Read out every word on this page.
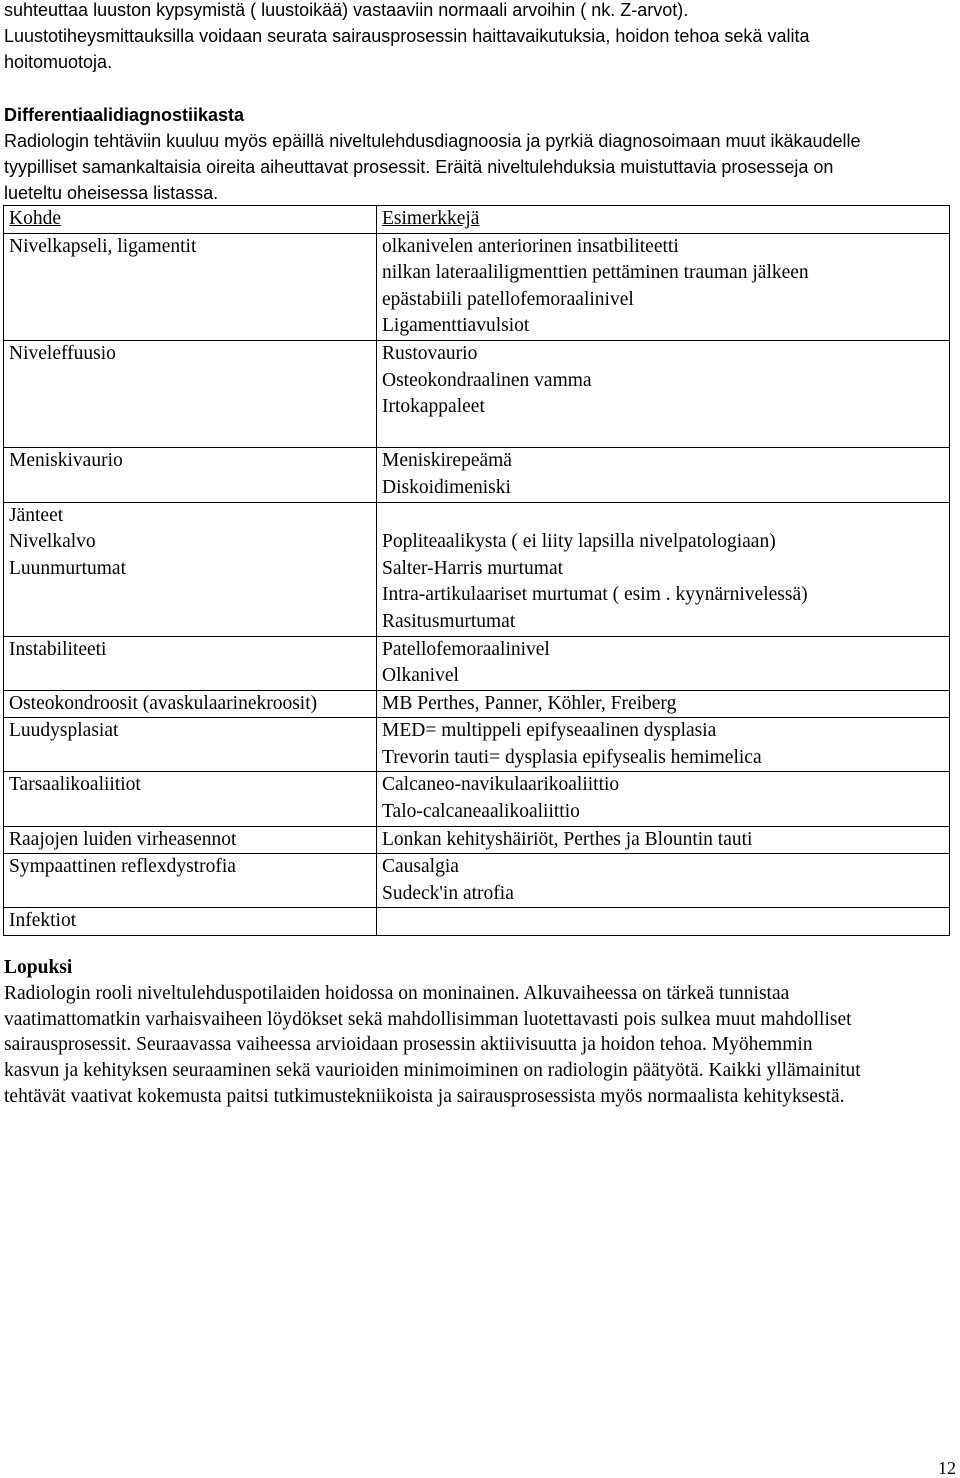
suhteuttaa luuston kypsymistä ( luustoikää) vastaaviin normaali arvoihin ( nk. Z-arvot).

Luustotiheysmittauksilla voidaan seurata sairausprosessin haittavaikutuksia, hoidon tehoa sekä valita

hoitomuotoja.

Differentiaalidiagnostiikasta

Radiologin tehtäviin kuuluu myös epäillä niveltulehdusdiagnoosia ja pyrkiä diagnosoimaan muut ikäkaudelle

tyypilliset samankaltaisia oireita aiheuttavat prosessit. Eräitä niveltulehduksia muistuttavia prosesseja on

lueteltu oheisessa listassa.

Kohde	Esimerkkejä

Nivelkapseli, ligamentit	olkanivelen anteriorinen insatbiliteetti
nilkan lateraaliligmenttien pettäminen trauman jälkeen
epästabiili patellofemoraalinivel
Ligamenttiavulsiot

Niveleffuusio	Rustovaurio
Osteokondraalinen vamma
Irtokappaleet

Meniskivaurio	Meniskirepeämä
Diskoidimeniski

Jänteet
Nivelkalvo
Luunmurtumat	Popliteaalikysta ( ei liity lapsilla nivelpatologiaan)
Salter-Harris murtumat
Intra-artikulaariset murtumat ( esim . kyynärnivelessä)
Rasitusmurtumat

Instabiliteeti	Patellofemoraalinivel
Olkanivel

Osteokondroosit (avaskulaarinekroosit)	MB Perthes, Panner, Köhler, Freiberg

Luudysplasiat	MED= multippeli epifyseaalinen dysplasia
Trevorin tauti= dysplasia epifysealis hemimelica

Tarsaalikoaliitiot	Calcaneo-navikulaarikoaliittio
Talo-calcaneaalikoaliittio

Raajojen luiden virheasennot	Lonkan kehityshäiriöt, Perthes ja Blountin tauti

Sympaattinen reflexdystrofia	Causalgia
Sudeck'in atrofia

Infektiot	

Lopuksi

Radiologin rooli niveltulehduspotilaiden hoidossa on moninainen. Alkuvaiheessa on tärkeä tunnistaa

vaatimattomatkin varhaisvaiheen löydökset sekä mahdollisimman luotettavasti pois sulkea muut mahdolliset

sairausprosessit. Seuraavassa vaiheessa arvioidaan prosessin aktiivisuutta ja hoidon tehoa. Myöhemmin

kasvun ja kehityksen seuraaminen sekä vaurioiden minimoiminen on radiologin päätyötä. Kaikki yllämainitut

tehtävät vaativat kokemusta paitsi tutkimustekniikoista ja sairausprosessista myös normaalista kehityksestä.

12
